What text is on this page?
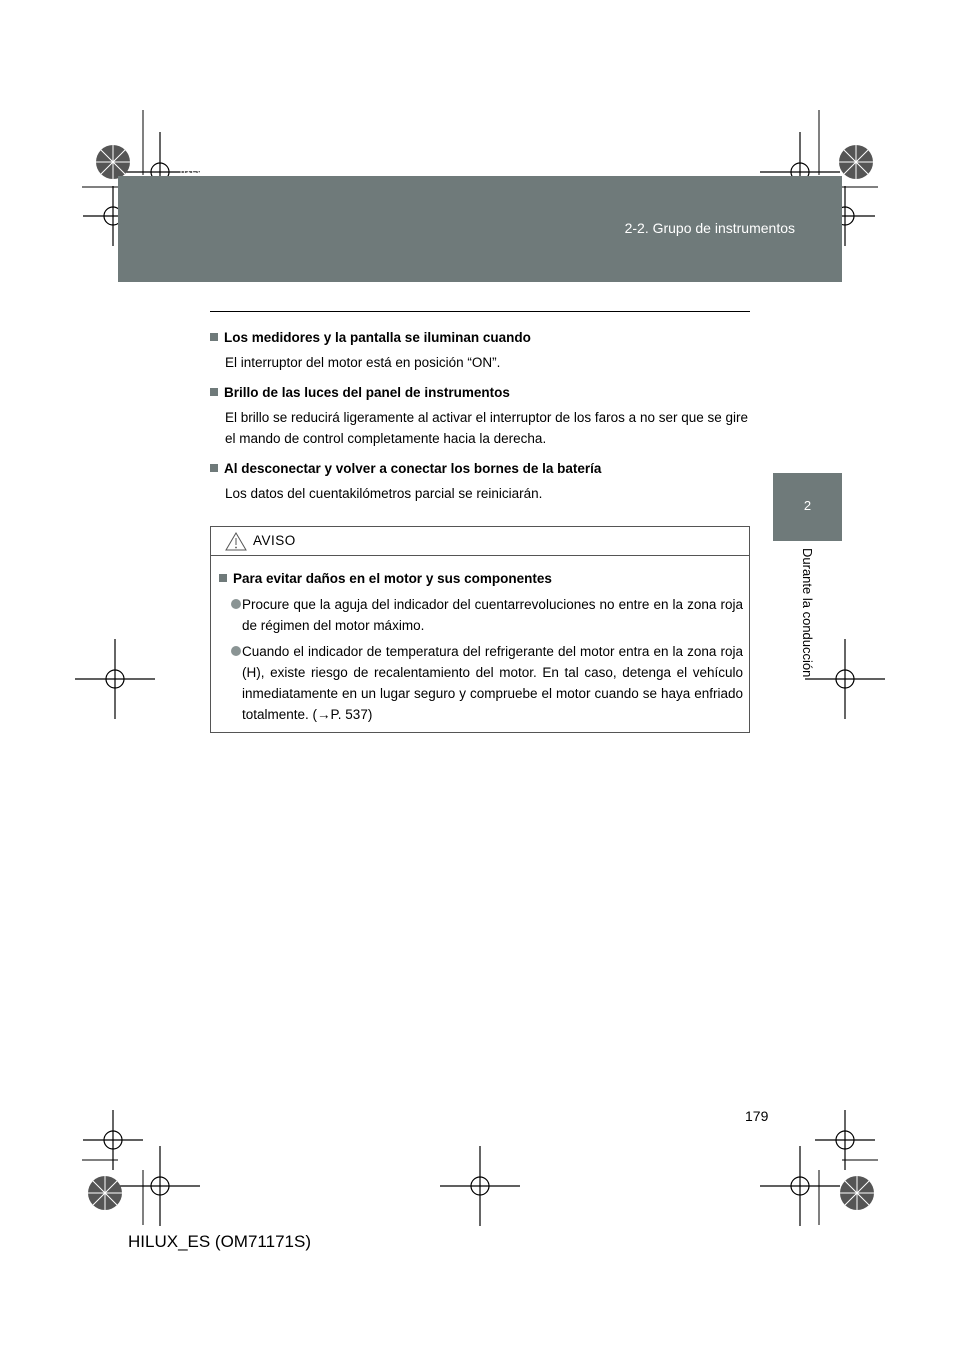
HILUX_ES.book Page 179 Wednesday, March 23, 2011 4:15 PM
2-2. Grupo de instrumentos
2
Durante la conducción
Los medidores y la pantalla se iluminan cuando
El interruptor del motor está en posición “ON”.
Brillo de las luces del panel de instrumentos
El brillo se reducirá ligeramente al activar el interruptor de los faros a no ser que se gire el mando de control completamente hacia la derecha.
Al desconectar y volver a conectar los bornes de la batería
Los datos del cuentakilómetros parcial se reiniciarán.
AVISO
Para evitar daños en el motor y sus componentes
Procure que la aguja del indicador del cuentarrevoluciones no entre en la zona roja de régimen del motor máximo.
Cuando el indicador de temperatura del refrigerante del motor entra en la zona roja (H), existe riesgo de recalentamiento del motor. En tal caso, detenga el vehículo inmediatamente en un lugar seguro y compruebe el motor cuando se haya enfriado totalmente. (→P. 537)
179
HILUX_ES (OM71171S)
